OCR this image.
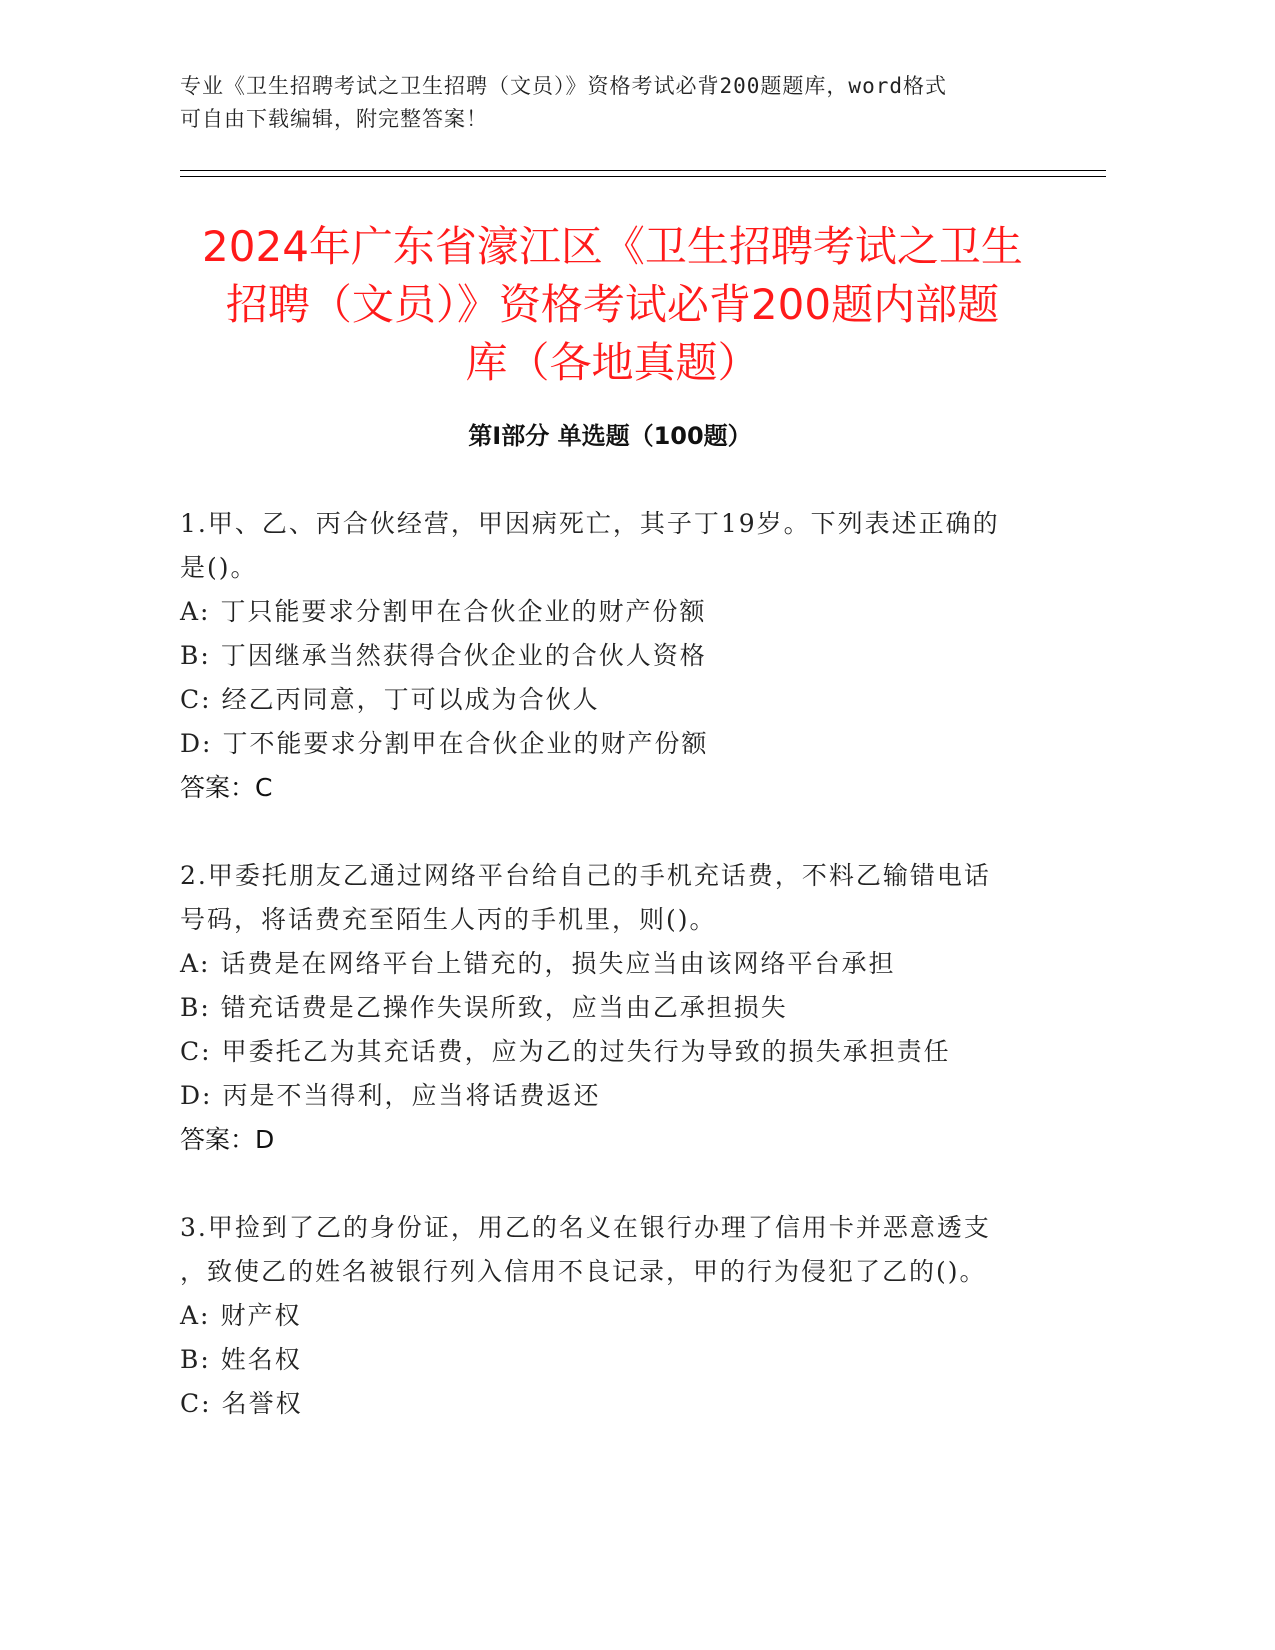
专业《卫生招聘考试之卫生招聘（文员）》资格考试必背200题题库，word格式
可自由下载编辑，附完整答案！
2024年广东省濠江区《卫生招聘考试之卫生
招聘（文员）》资格考试必背200题内部题
库（各地真题）
第Ⅰ部分 单选题（100题）
1.甲、乙、丙合伙经营，甲因病死亡，其子丁19岁。下列表述正确的
是()。
A: 丁只能要求分割甲在合伙企业的财产份额
B: 丁因继承当然获得合伙企业的合伙人资格
C: 经乙丙同意，丁可以成为合伙人
D: 丁不能要求分割甲在合伙企业的财产份额
答案：C
2.甲委托朋友乙通过网络平台给自己的手机充话费，不料乙输错电话
号码，将话费充至陌生人丙的手机里，则()。
A: 话费是在网络平台上错充的，损失应当由该网络平台承担
B: 错充话费是乙操作失误所致，应当由乙承担损失
C: 甲委托乙为其充话费，应为乙的过失行为导致的损失承担责任
D: 丙是不当得利，应当将话费返还
答案：D
3.甲捡到了乙的身份证，用乙的名义在银行办理了信用卡并恶意透支
，致使乙的姓名被银行列入信用不良记录，甲的行为侵犯了乙的()。
A: 财产权
B: 姓名权
C: 名誉权
